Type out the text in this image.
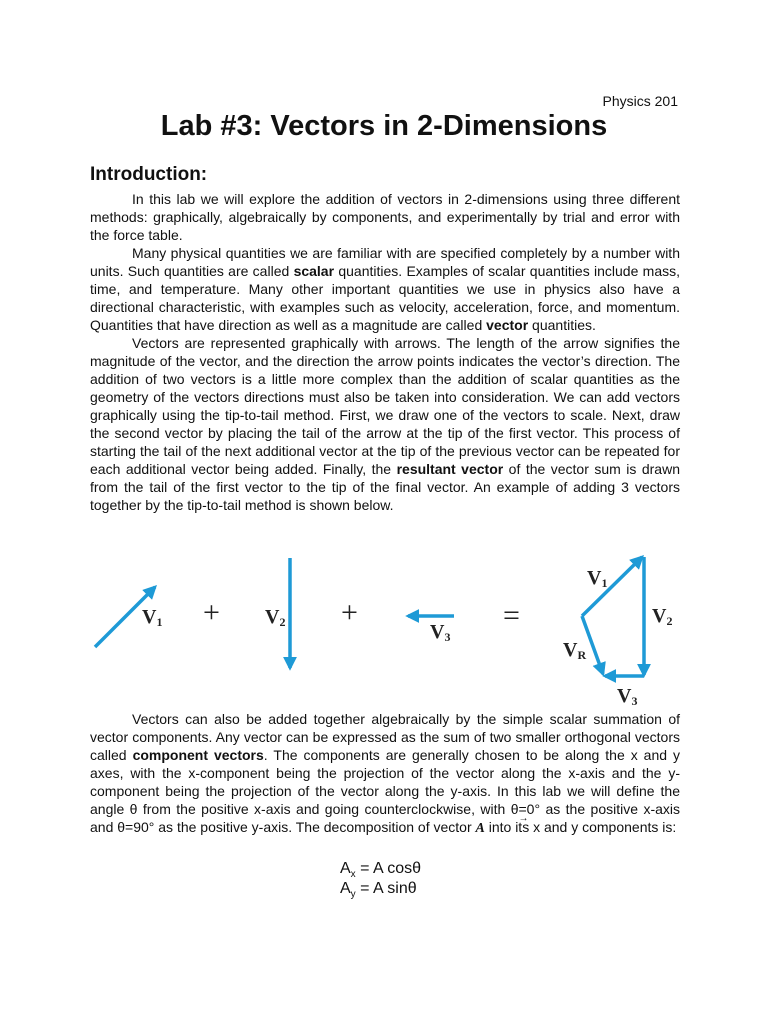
Physics 201
Lab #3: Vectors in 2-Dimensions
Introduction:

In this lab we will explore the addition of vectors in 2-dimensions using three different methods: graphically, algebraically by components, and experimentally by trial and error with the force table.

Many physical quantities we are familiar with are specified completely by a number with units. Such quantities are called scalar quantities. Examples of scalar quantities include mass, time, and temperature. Many other important quantities we use in physics also have a directional characteristic, with examples such as velocity, acceleration, force, and momentum. Quantities that have direction as well as a magnitude are called vector quantities.

Vectors are represented graphically with arrows. The length of the arrow signifies the magnitude of the vector, and the direction the arrow points indicates the vector’s direction. The addition of two vectors is a little more complex than the addition of scalar quantities as the geometry of the vectors directions must also be taken into consideration. We can add vectors graphically using the tip-to-tail method. First, we draw one of the vectors to scale. Next, draw the second vector by placing the tail of the arrow at the tip of the first vector. This process of starting the tail of the next additional vector at the tip of the previous vector can be repeated for each additional vector being added. Finally, the resultant vector of the vector sum is drawn from the tail of the first vector to the tip of the final vector. An example of adding 3 vectors together by the tip-to-tail method is shown below.

V1 + V2 +
V3
=
V1
V2
VR
V3

Vectors can also be added together algebraically by the simple scalar summation of vector components. Any vector can be expressed as the sum of two smaller orthogonal vectors called component vectors. The components are generally chosen to be along the x and y axes, with the x-component being the projection of the vector along the x-axis and the y-component being the projection of the vector along the y-axis. In this lab we will define the angle θ from the positive x-axis and going counterclockwise, with θ=0° as the positive x-axis and θ=90° as the positive y-axis. The decomposition of vector → A into its x and y components is:

$A_x = A$ cosθ
$A_y = A$ sinθ
